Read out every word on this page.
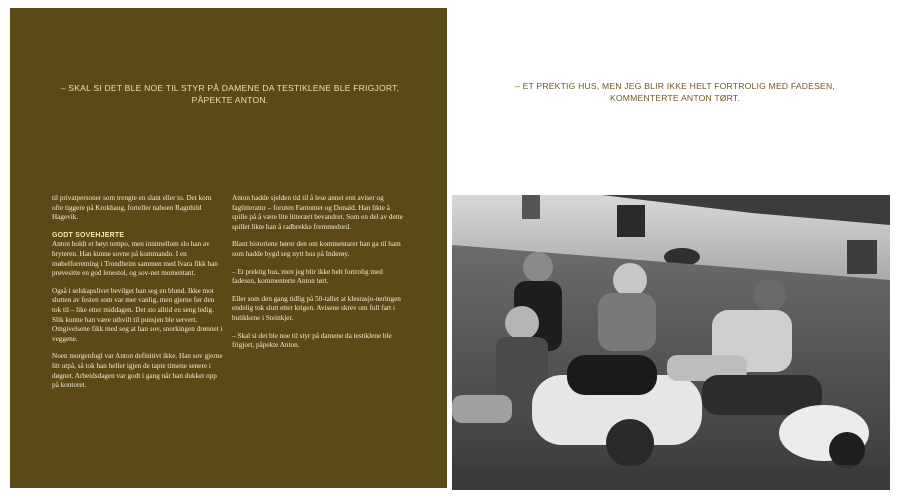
– SKAL SI DET BLE NOE TIL STYR PÅ DAMENE DA TESTIKLENE BLE FRIGJORT, PÅPEKTE ANTON.

til privatpersoner som trengte en slant eller to. Det kom ofte tiggere på Krokhaug, forteller naboen Ragnhild Hagevik.

GODT SOVEHJERTE

Anton holdt et høyt tempo, men innimellom slo han av bryteren. Han kunne sovne på kommando. I en møbelforretning i Trondheim sammen med Ivara fikk han prøvesitte en god lenestol, og sov-net momentant.

Også i selskapslivet bevilget han seg en blund. Ikke mot slutten av festen som var mer vanlig, men gjerne før den tok til – like etter middagen. Det sto alltid en seng ledig. Slik kunne han være uthvilt til punsjen ble servert. Omgivelsene fikk med seg at han sov, snorkingen drønnet i veggene.

Noen morgenfugl var Anton definitivt ikke. Han sov gjerne litt utpå, så tok han heller igjen de tapte timene senere i døgnet. Arbeidsdagen var godt i gang når han dukket opp på kontoret.

Anton hadde sjelden tid til å lese annet enn aviser og faglitteratur – foruten Fantomet og Donald. Han likte å spille på å være lite litterært bevandret. Som en del av dette spillet likte han å radbrekke fremmedord.

Blant historiene hører den om kommentarer han ga til ham som hadde bygd seg nytt hus på Inderøy.

– Et prektig hus, men jeg blir ikke helt fortrolig med fadesen, kommenterte Anton tørt.

Eller som den gang tidlig på 50-tallet at klesrasjo-neringen endelig tok slutt etter krigen. Avisene skrev om full fart i butikkene i Steinkjer.

– Skal si det ble noe til styr på damene da testiklene ble frigjort, påpekte Anton.

– ET PREKTIG HUS, MEN JEG BLIR IKKE HELT FORTROLIG MED FADESEN, KOMMENTERTE ANTON TØRT.
